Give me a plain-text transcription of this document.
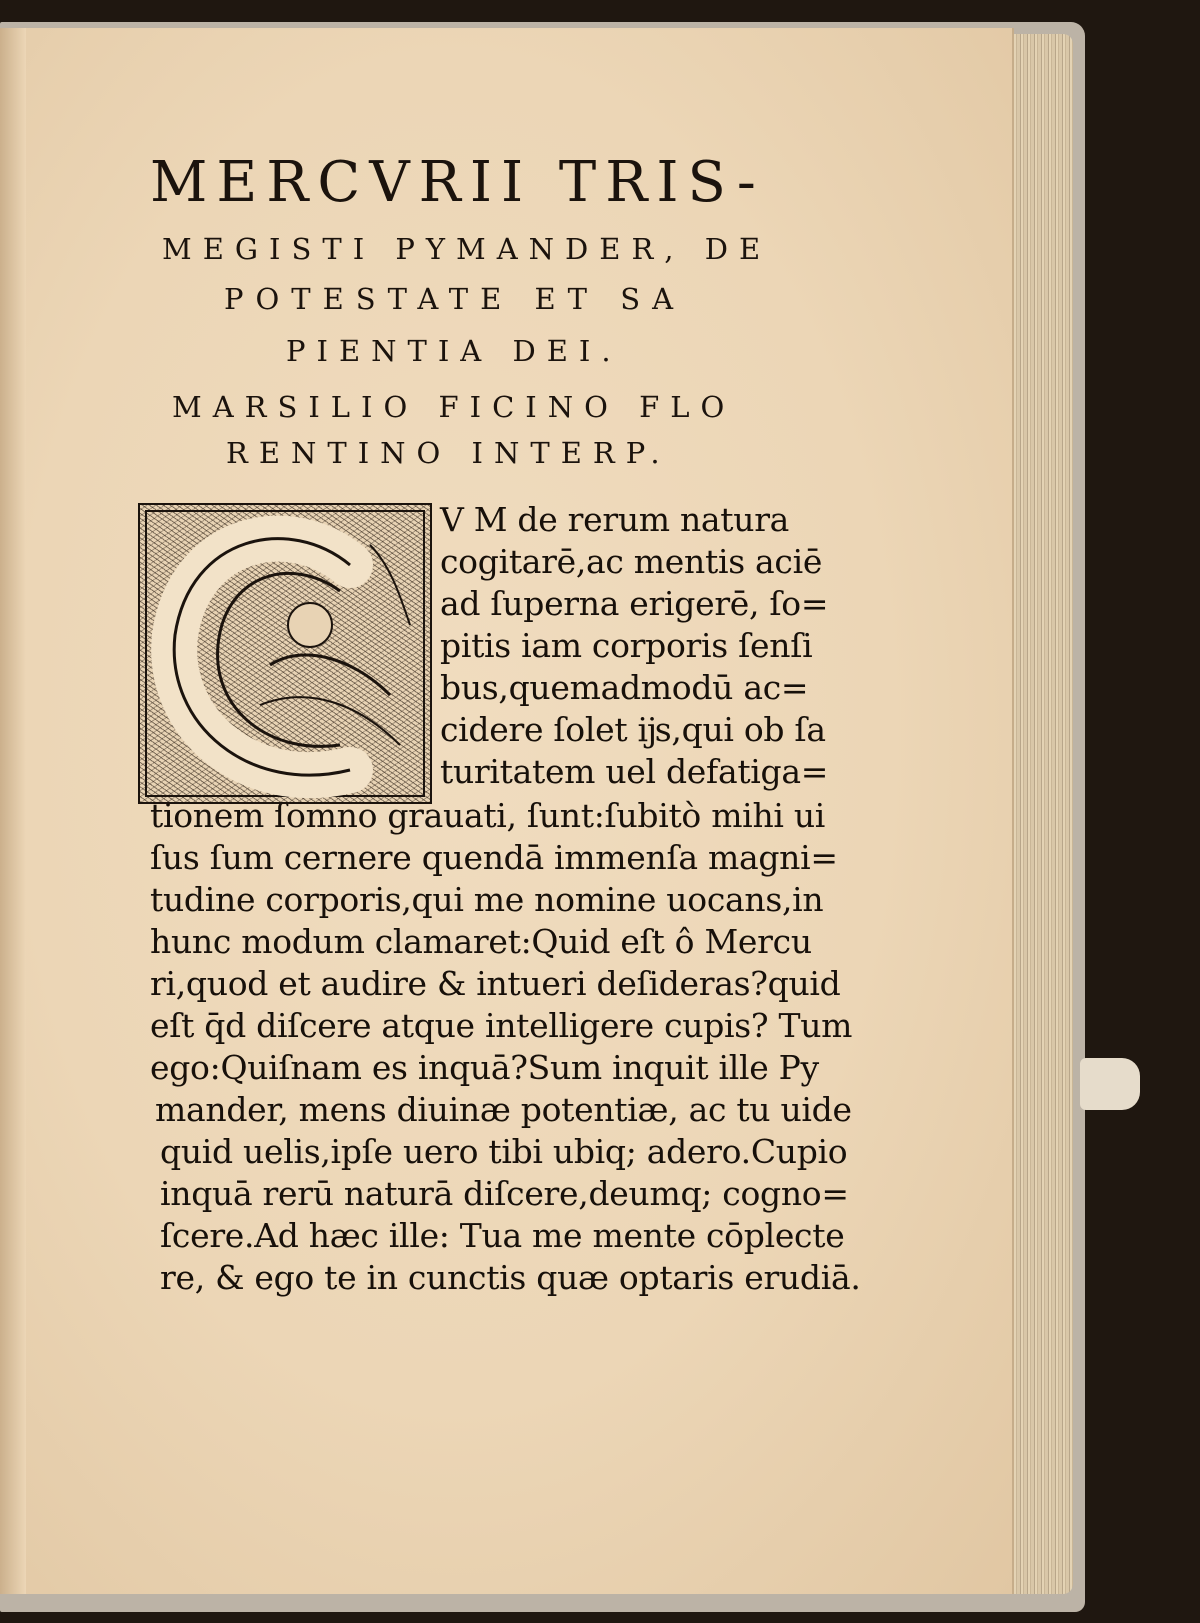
MERCVRII TRIS-
MEGISTI PYMANDER, DE
POTESTATE ET SA
PIENTIA DEI.
MARSILIO FICINO FLO
RENTINO INTERP.
V M de rerum natura
cogitarē,ac mentis aciē
ad ſuperna erigerē, ſo=
pitis iam corporis ſenſi
bus,quemadmodū ac=
cidere ſolet ĳs,qui ob ſa
turitatem uel defatiga=
tionem ſomno grauati, ſunt:ſubitò mihi ui
ſus ſum cernere quendā immenſa magni=
tudine corporis,qui me nomine uocans,in
hunc modum clamaret:Quid eſt ô Mercu
ri,quod et audire & intueri deſideras?quid
eſt q̄d diſcere atque intelligere cupis? Tum
ego:Quiſnam es inquā?Sum inquit ille Py
mander, mens diuinæ potentiæ, ac tu uide
quid uelis,ipſe uero tibi ubiq; adero.Cupio
inquā rerū naturā diſcere,deumq; cogno=
ſcere.Ad hæc ille: Tua me mente cōplecte
re, & ego te in cunctis quæ optaris erudiā.
